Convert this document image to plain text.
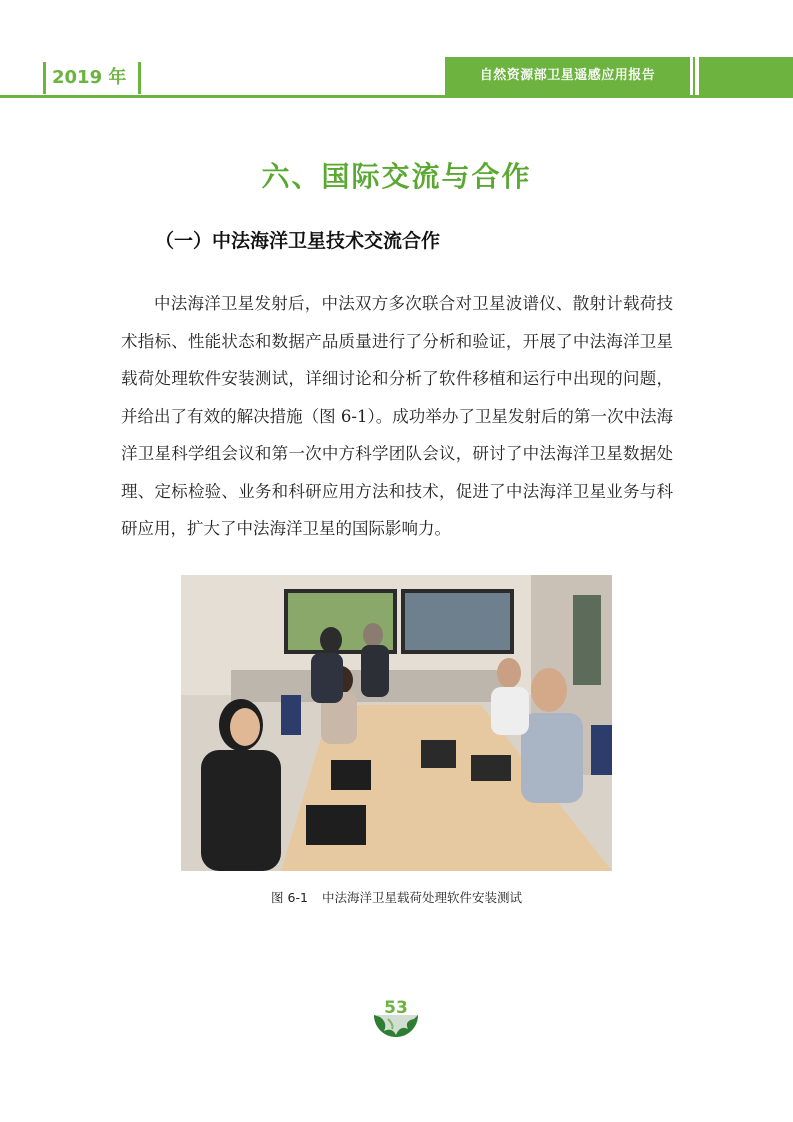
2019 年	自然资源部卫星遥感应用报告
六、国际交流与合作
（一）中法海洋卫星技术交流合作

中法海洋卫星发射后，中法双方多次联合对卫星波谱仪、散射计载荷技术指标、性能状态和数据产品质量进行了分析和验证，开展了中法海洋卫星载荷处理软件安装测试，详细讨论和分析了软件移植和运行中出现的问题，并给出了有效的解决措施（图 6-1）。成功举办了卫星发射后的第一次中法海洋卫星科学组会议和第一次中方科学团队会议，研讨了中法海洋卫星数据处理、定标检验、业务和科研应用方法和技术，促进了中法海洋卫星业务与科研应用，扩大了中法海洋卫星的国际影响力。

图 6-1 中法海洋卫星载荷处理软件安装测试
53
